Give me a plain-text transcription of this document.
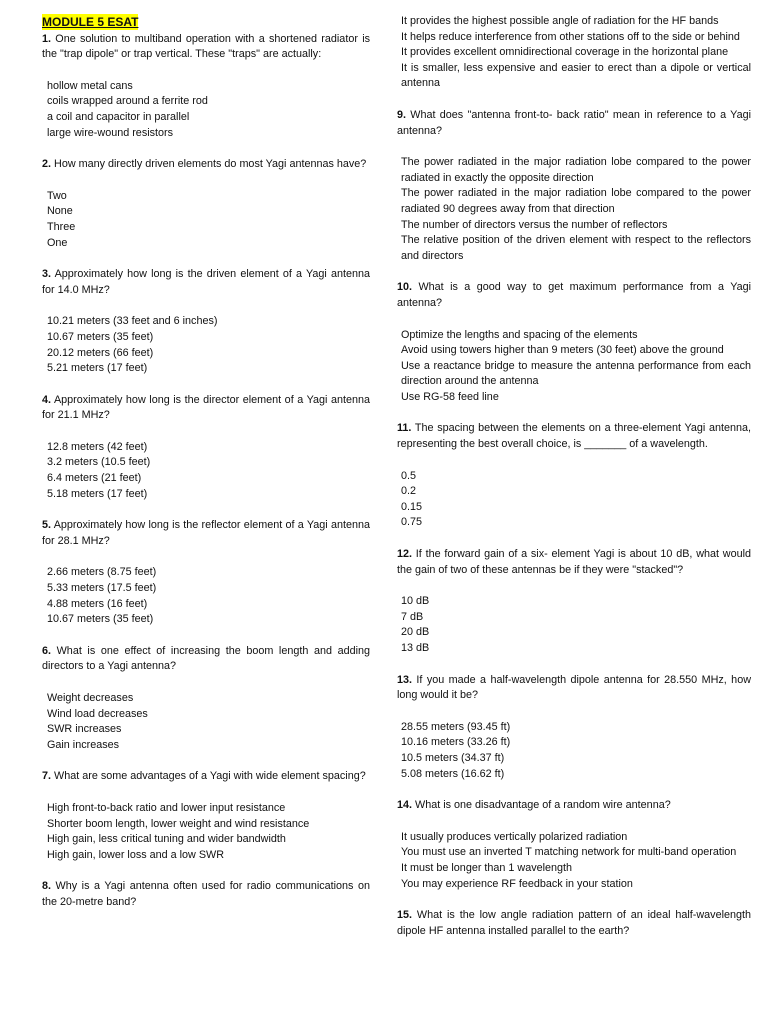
MODULE 5 ESAT

1. One solution to multiband operation with a shortened radiator is the "trap dipole" or trap vertical. These "traps" are actually:

hollow metal cans

coils wrapped around a ferrite rod

a coil and capacitor in parallel

large wire-wound resistors

2. How many directly driven elements do most Yagi antennas have?

Two

None

Three

One

3. Approximately how long is the driven element of a Yagi antenna for 14.0 MHz?

10.21 meters (33 feet and 6 inches)

10.67 meters (35 feet)

20.12 meters (66 feet)

5.21 meters (17 feet)

4. Approximately how long is the director element of a Yagi antenna for 21.1 MHz?

12.8 meters (42 feet)

3.2 meters (10.5 feet)

6.4 meters (21 feet)

5.18 meters (17 feet)

5. Approximately how long is the reflector element of a Yagi antenna for 28.1 MHz?

2.66 meters (8.75 feet)

5.33 meters (17.5 feet)

4.88 meters (16 feet)

10.67 meters (35 feet)

6. What is one effect of increasing the boom length and adding directors to a Yagi antenna?

Weight decreases

Wind load decreases

SWR increases

Gain increases

7. What are some advantages of a Yagi with wide element spacing?

High front-to-back ratio and lower input resistance

Shorter boom length, lower weight and wind resistance

High gain, less critical tuning and wider bandwidth

High gain, lower loss and a low SWR

8. Why is a Yagi antenna often used for radio communications on the 20-metre band?

It provides the highest possible angle of radiation for the HF bands

It helps reduce interference from other stations off to the side or behind

It provides excellent omnidirectional coverage in the horizontal plane

It is smaller, less expensive and easier to erect than a dipole or vertical antenna

9. What does "antenna front-to- back ratio" mean in reference to a Yagi antenna?

The power radiated in the major radiation lobe compared to the power radiated in exactly the opposite direction

The power radiated in the major radiation lobe compared to the power radiated 90 degrees away from that direction

The number of directors versus the number of reflectors

The relative position of the driven element with respect to the reflectors and directors

10. What is a good way to get maximum performance from a Yagi antenna?

Optimize the lengths and spacing of the elements

Avoid using towers higher than 9 meters (30 feet) above the ground

Use a reactance bridge to measure the antenna performance from each direction around the antenna

Use RG-58 feed line

11. The spacing between the elements on a three-element Yagi antenna, representing the best overall choice, is _______ of a wavelength.

0.5

0.2

0.15

0.75

12. If the forward gain of a six- element Yagi is about 10 dB, what would the gain of two of these antennas be if they were "stacked"?

10 dB

7 dB

20 dB

13 dB

13. If you made a half-wavelength dipole antenna for 28.550 MHz, how long would it be?

28.55 meters (93.45 ft)

10.16 meters (33.26 ft)

10.5 meters (34.37 ft)

5.08 meters (16.62 ft)

14. What is one disadvantage of a random wire antenna?

It usually produces vertically polarized radiation

You must use an inverted T matching network for multi-band operation

It must be longer than 1 wavelength

You may experience RF feedback in your station

15. What is the low angle radiation pattern of an ideal half-wavelength dipole HF antenna installed parallel to the earth?
